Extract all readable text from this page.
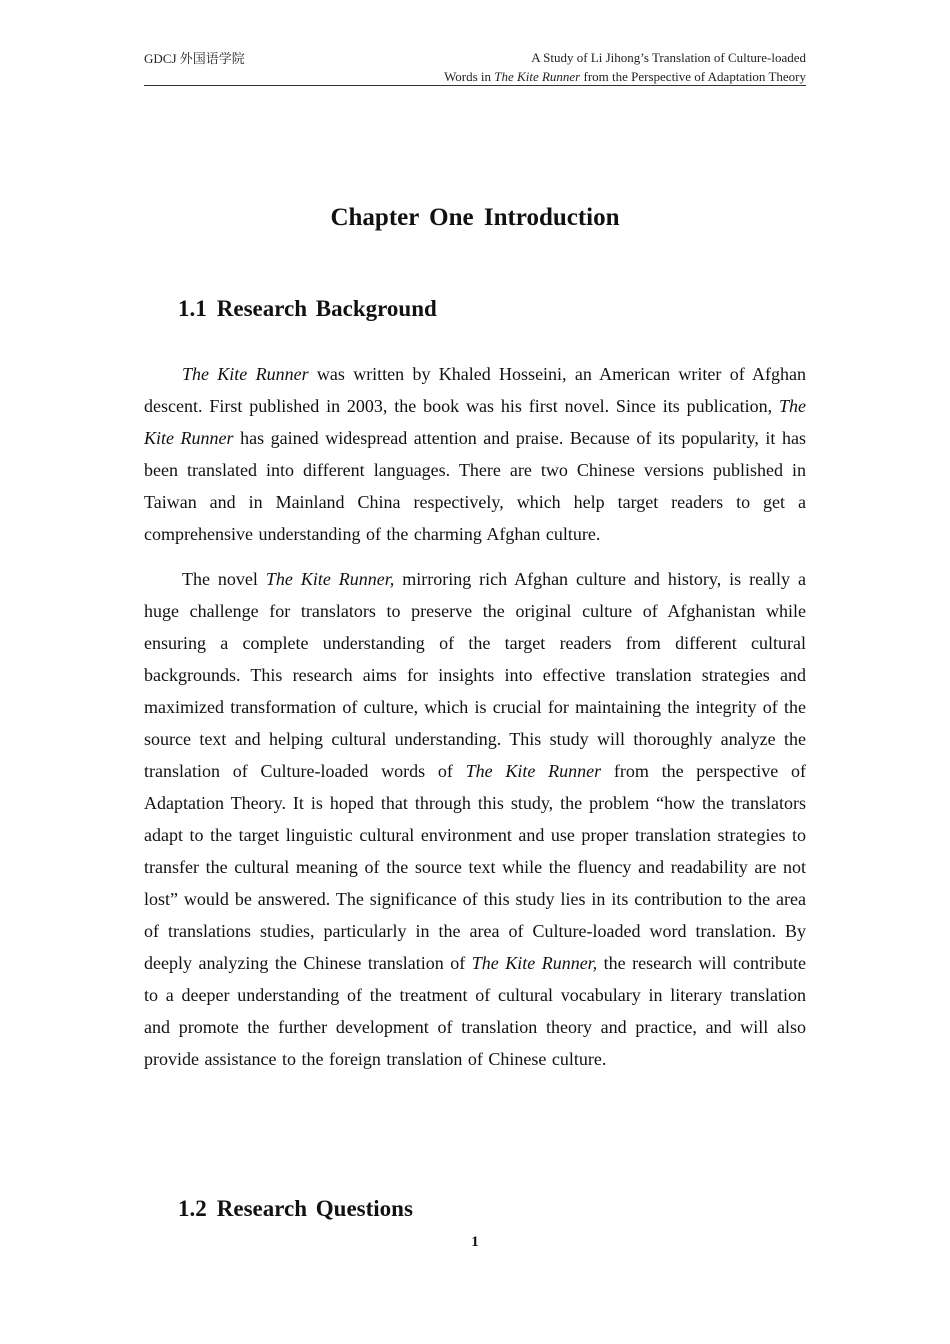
GDCJ 外国语学院	A Study of Li Jihong’s Translation of Culture-loaded
Words in The Kite Runner from the Perspective of Adaptation Theory
Chapter One Introduction
1.1 Research Background

The Kite Runner was written by Khaled Hosseini, an American writer of Afghan descent. First published in 2003, the book was his first novel. Since its publication, The Kite Runner has gained widespread attention and praise. Because of its popularity, it has been translated into different languages. There are two Chinese versions published in Taiwan and in Mainland China respectively, which help target readers to get a comprehensive understanding of the charming Afghan culture.

The novel The Kite Runner, mirroring rich Afghan culture and history, is really a huge challenge for translators to preserve the original culture of Afghanistan while ensuring a complete understanding of the target readers from different cultural backgrounds. This research aims for insights into effective translation strategies and maximized transformation of culture, which is crucial for maintaining the integrity of the source text and helping cultural understanding. This study will thoroughly analyze the translation of Culture-loaded words of The Kite Runner from the perspective of Adaptation Theory. It is hoped that through this study, the problem “how the translators adapt to the target linguistic cultural environment and use proper translation strategies to transfer the cultural meaning of the source text while the fluency and readability are not lost” would be answered. The significance of this study lies in its contribution to the area of translations studies, particularly in the area of Culture-loaded word translation. By deeply analyzing the Chinese translation of The Kite Runner, the research will contribute to a deeper understanding of the treatment of cultural vocabulary in literary translation and promote the further development of translation theory and practice, and will also provide assistance to the foreign translation of Chinese culture.

1.2 Research Questions
1
